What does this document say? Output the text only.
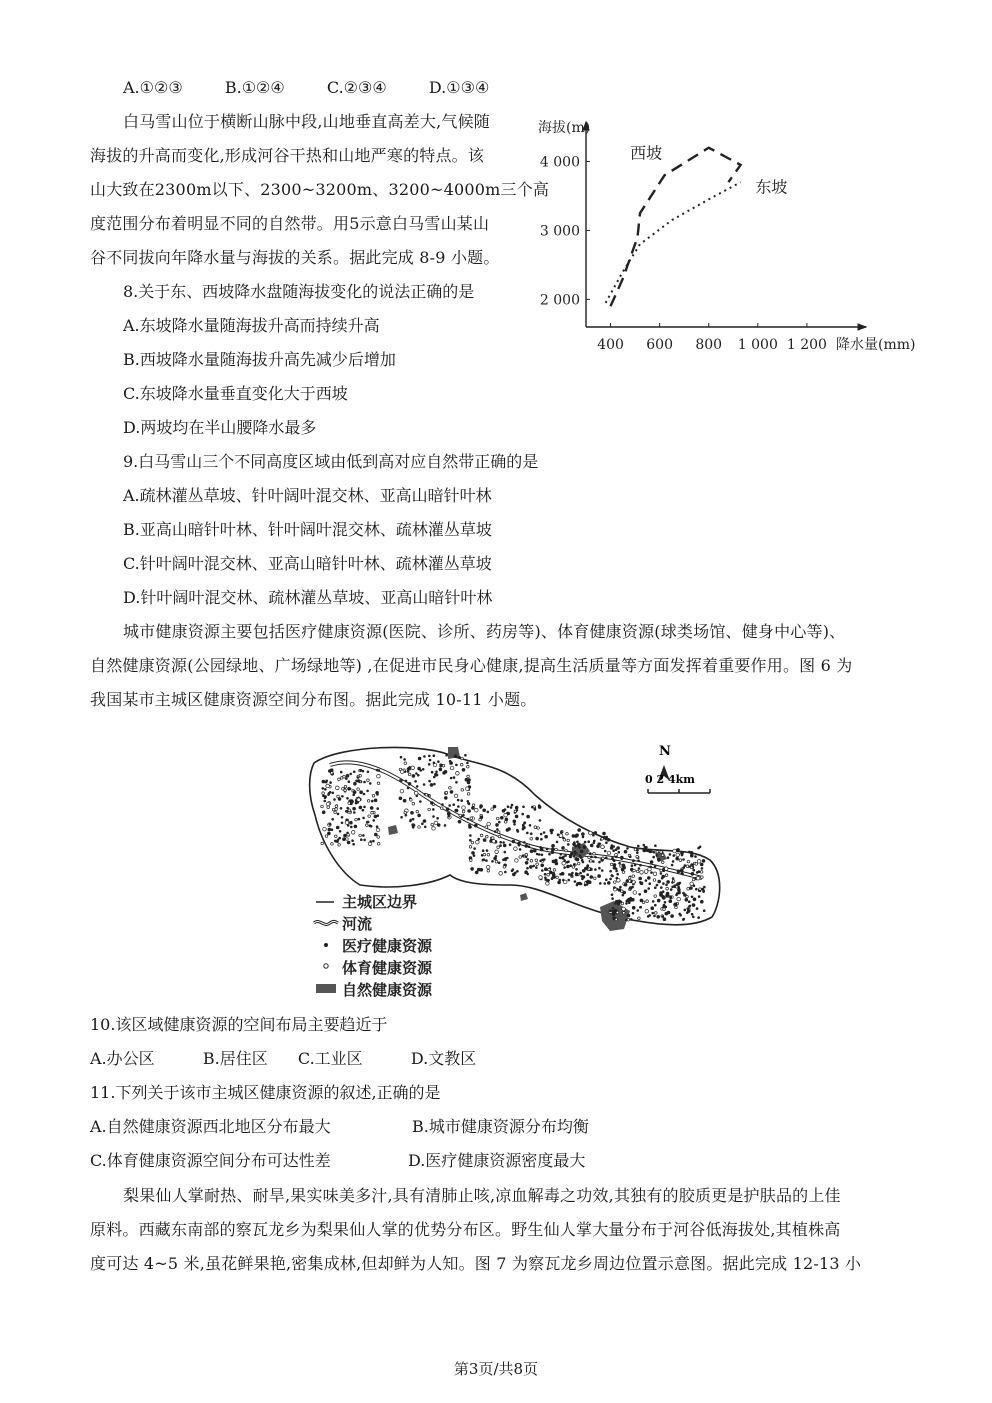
A.①②③	B.①②④	C.②③④	D.①③④
白马雪山位于横断山脉中段,山地垂直高差大,气候随
海拔的升高而变化,形成河谷干热和山地严寒的特点。该
山大致在2300m以下、2300~3200m、3200~4000m三个高
度范围分布着明显不同的自然带。用5示意白马雪山某山
谷不同拔向年降水量与海拔的关系。据此完成 8-9 小题。
8.关于东、西坡降水盘随海拔变化的说法正确的是
A.东坡降水量随海拔升高而持续升高
B.西坡降水量随海拔升高先减少后增加
C.东坡降水量垂直变化大于西坡
D.两坡均在半山腰降水最多
9.白马雪山三个不同高度区域由低到高对应自然带正确的是
A.疏林灌丛草坡、针叶阔叶混交林、亚高山暗针叶林
B.亚高山暗针叶林、针叶阔叶混交林、疏林灌丛草坡
C.针叶阔叶混交林、亚高山暗针叶林、疏林灌丛草坡
D.针叶阔叶混交林、疏林灌丛草坡、亚高山暗针叶林
城市健康资源主要包括医疗健康资源(医院、诊所、药房等)、体育健康资源(球类场馆、健身中心等)、
自然健康资源(公园绿地、广场绿地等) ,在促进市民身心健康,提高生活质量等方面发挥着重要作用。图 6 为
我国某市主城区健康资源空间分布图。据此完成 10-11 小题。
400 600 800 1 000 1 200
2 000
3 000
4 000
海拔(m)
降水量(mm)
西坡
东坡
N
0 2 4km
主城区边界
河流
医疗健康资源
体育健康资源
自然健康资源
10.该区域健康资源的空间布局主要趋近于
A.办公区	B.居住区 C.工业区	D.文教区
11.下列关于该市主城区健康资源的叙述,正确的是
A.自然健康资源西北地区分布最大	B.城市健康资源分布均衡
C.体育健康资源空间分布可达性差	D.医疗健康资源密度最大
梨果仙人掌耐热、耐旱,果实味美多汁,具有清肺止咳,凉血解毒之功效,其独有的胶质更是护肤品的上佳
原料。西藏东南部的察瓦龙乡为梨果仙人掌的优势分布区。野生仙人掌大量分布于河谷低海拔处,其植株高
度可达 4~5 米,虽花鲜果艳,密集成林,但却鲜为人知。图 7 为察瓦龙乡周边位置示意图。据此完成 12-13 小
第3页/共8页
